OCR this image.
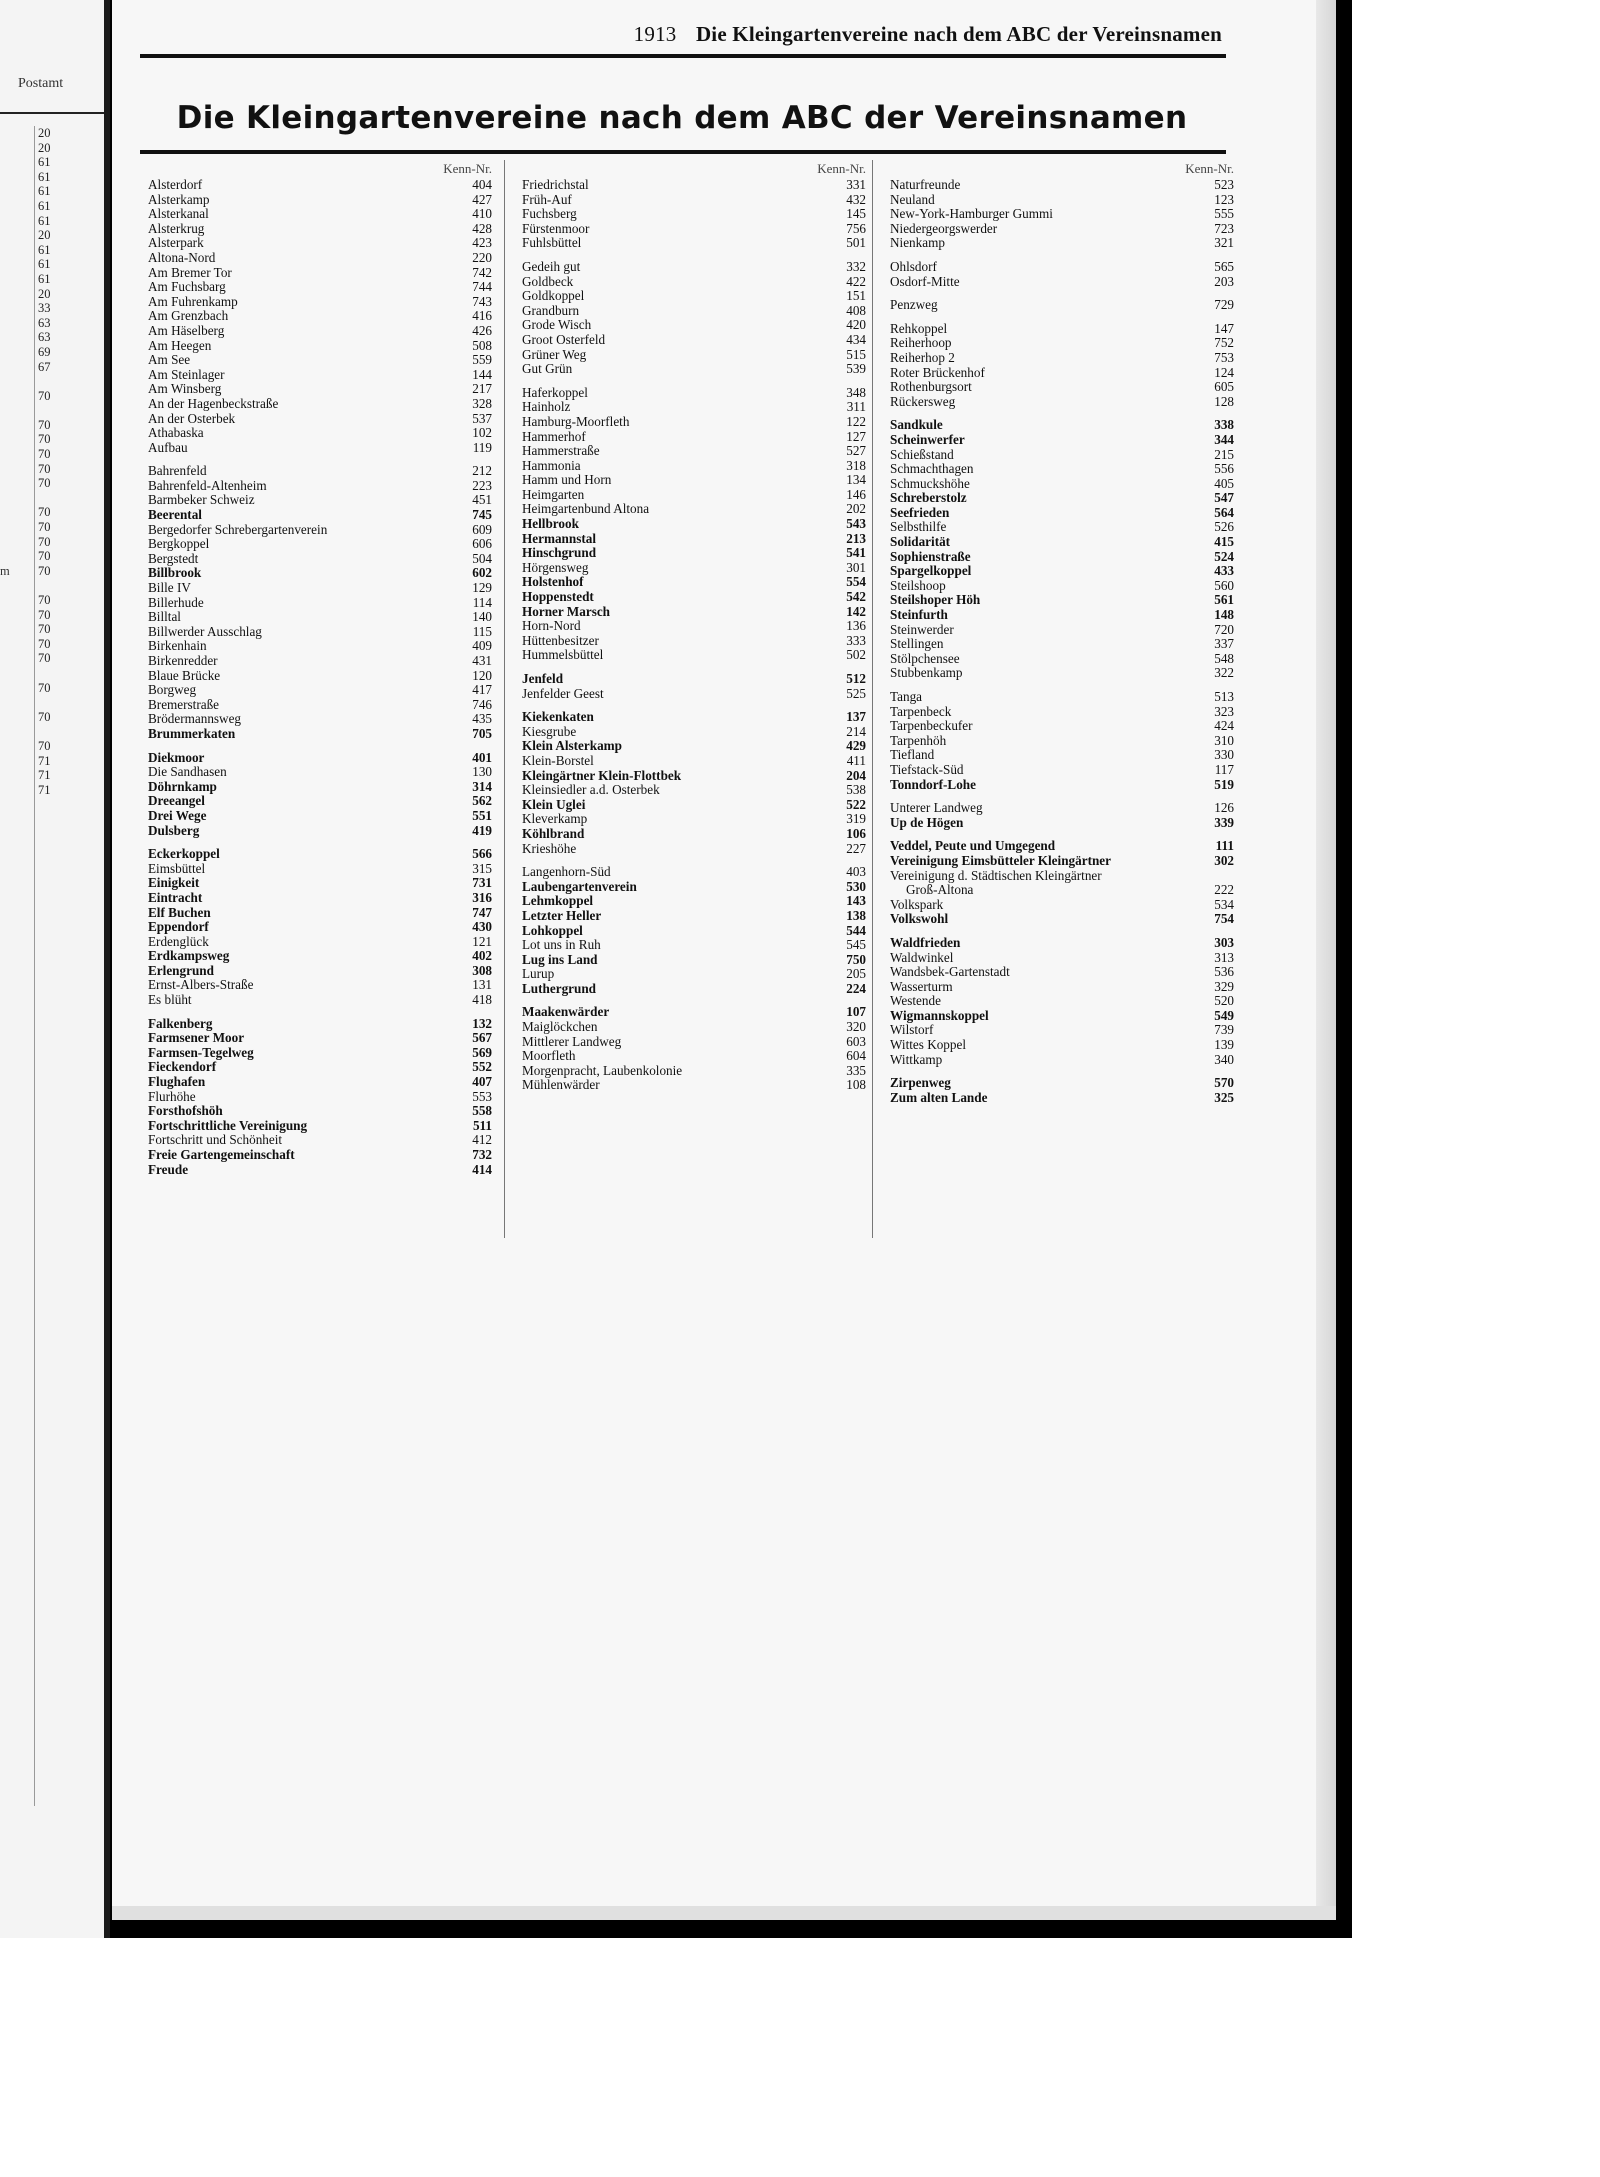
Postamt
20
20
61
61
61
61
61
20
61
61
61
20
33
63
63
69
67
70
70
70
70
70
70
70
70
70
70
m 70
70
70
70
70
70
70
70
70
71
71
71
1913 Die Kleingartenvereine nach dem ABC der Vereinsnamen
Die Kleingartenvereine nach dem ABC der Vereinsnamen
Kenn-Nr.
Alsterdorf	404
Alsterkamp	427
Alsterkanal	410
Alsterkrug	428
Alsterpark	423
Altona-Nord	220
Am Bremer Tor	742
Am Fuchsbarg	744
Am Fuhrenkamp	743
Am Grenzbach	416
Am Häselberg	426
Am Heegen	508
Am See	559
Am Steinlager	144
Am Winsberg	217
An der Hagenbeckstraße	328
An der Osterbek	537
Athabaska	102
Aufbau	119
Bahrenfeld	212
Bahrenfeld-Altenheim	223
Barmbeker Schweiz	451
Beerental	745
Bergedorfer Schrebergartenverein	609
Bergkoppel	606
Bergstedt	504
Billbrook	602
Bille IV	129
Billerhude	114
Billtal	140
Billwerder Ausschlag	115
Birkenhain	409
Birkenredder	431
Blaue Brücke	120
Borgweg	417
Bremerstraße	746
Brödermannsweg	435
Brummerkaten	705
Diekmoor	401
Die Sandhasen	130
Döhrnkamp	314
Dreeangel	562
Drei Wege	551
Dulsberg	419
Eckerkoppel	566
Eimsbüttel	315
Einigkeit	731
Eintracht	316
Elf Buchen	747
Eppendorf	430
Erdenglück	121
Erdkampsweg	402
Erlengrund	308
Ernst-Albers-Straße	131
Es blüht	418
Falkenberg	132
Farmsener Moor	567
Farmsen-Tegelweg	569
Fieckendorf	552
Flughafen	407
Flurhöhe	553
Forsthofshöh	558
Fortschrittliche Vereinigung	511
Fortschritt und Schönheit	412
Freie Gartengemeinschaft	732
Freude	414
Kenn-Nr.
Friedrichstal	331
Früh-Auf	432
Fuchsberg	145
Fürstenmoor	756
Fuhlsbüttel	501
Gedeih gut	332
Goldbeck	422
Goldkoppel	151
Grandburn	408
Grode Wisch	420
Groot Osterfeld	434
Grüner Weg	515
Gut Grün	539
Haferkoppel	348
Hainholz	311
Hamburg-Moorfleth	122
Hammerhof	127
Hammerstraße	527
Hammonia	318
Hamm und Horn	134
Heimgarten	146
Heimgartenbund Altona	202
Hellbrook	543
Hermannstal	213
Hinschgrund	541
Hörgensweg	301
Holstenhof	554
Hoppenstedt	542
Horner Marsch	142
Horn-Nord	136
Hüttenbesitzer	333
Hummelsbüttel	502
Jenfeld	512
Jenfelder Geest	525
Kiekenkaten	137
Kiesgrube	214
Klein Alsterkamp	429
Klein-Borstel	411
Kleingärtner Klein-Flottbek	204
Kleinsiedler a.d. Osterbek	538
Klein Uglei	522
Kleverkamp	319
Köhlbrand	106
Krieshöhe	227
Langenhorn-Süd	403
Laubengartenverein	530
Lehmkoppel	143
Letzter Heller	138
Lohkoppel	544
Lot uns in Ruh	545
Lug ins Land	750
Lurup	205
Luthergrund	224
Maakenwärder	107
Maiglöckchen	320
Mittlerer Landweg	603
Moorfleth	604
Morgenpracht, Laubenkolonie	335
Mühlenwärder	108
Kenn-Nr.
Naturfreunde	523
Neuland	123
New-York-Hamburger Gummi	555
Niedergeorgswerder	723
Nienkamp	321
Ohlsdorf	565
Osdorf-Mitte	203
Penzweg	729
Rehkoppel	147
Reiherhoop	752
Reiherhop 2	753
Roter Brückenhof	124
Rothenburgsort	605
Rückersweg	128
Sandkule	338
Scheinwerfer	344
Schießstand	215
Schmachthagen	556
Schmuckshöhe	405
Schreberstolz	547
Seefrieden	564
Selbsthilfe	526
Solidarität	415
Sophienstraße	524
Spargelkoppel	433
Steilshoop	560
Steilshoper Höh	561
Steinfurth	148
Steinwerder	720
Stellingen	337
Stölpchensee	548
Stubbenkamp	322
Tanga	513
Tarpenbeck	323
Tarpenbeckufer	424
Tarpenhöh	310
Tiefland	330
Tiefstack-Süd	117
Tonndorf-Lohe	519
Unterer Landweg	126
Up de Högen	339
Veddel, Peute und Umgegend	111
Vereinigung Eimsbütteler Kleingärtner	302
Vereinigung d. Städtischen Kleingärtner
Groß-Altona	222
Volkspark	534
Volkswohl	754
Waldfrieden	303
Waldwinkel	313
Wandsbek-Gartenstadt	536
Wasserturm	329
Westende	520
Wigmannskoppel	549
Wilstorf	739
Wittes Koppel	139
Wittkamp	340
Zirpenweg	570
Zum alten Lande	325
